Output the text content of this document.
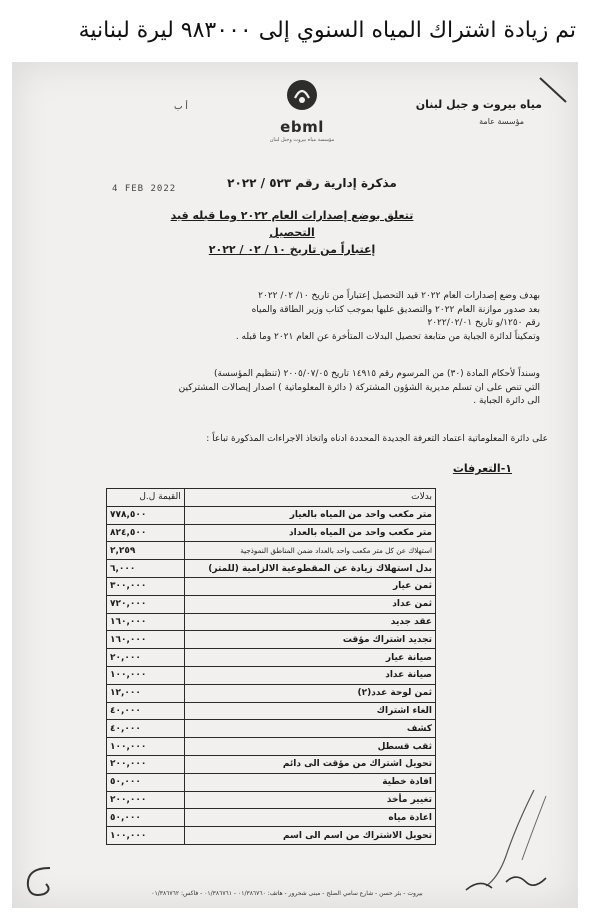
تم زيادة اشتراك المياه السنوي إلى ٩٨٣٠٠٠ ليرة لبنانية
مياه بيروت و جبل لبنان
مؤسسة عامة
ebml
مؤسسة مياه بيروت وجبل لبنان
أ ب
4 FEB 2022	مذكرة إدارية رقم ٥٢٣ / ٢٠٢٢
تتعلق بوضع إصدارات العام ٢٠٢٢ وما قبله قيد التحصيل
إعتباراً من تاريخ ١٠ / ٠٢ / ٢٠٢٢
بهدف وضع إصدارات العام ٢٠٢٢ قيد التحصيل إعتباراً من تاريخ ١٠/ ٠٢/ ٢٠٢٢
بعد صدور موازنة العام ٢٠٢٢ والتصديق عليها بموجب كتاب وزير الطاقة والمياه
رقم ١٢٥٠/و تاريخ ٢٠٢٢/٠٢/٠١
وتمكيناً لدائرة الجباية من متابعة تحصيل البدلات المتأخرة عن العام ٢٠٢١ وما قبله .
وسنداً لأحكام المادة (٣٠) من المرسوم رقم ١٤٩١٥ تاريخ ٢٠٠٥/٠٧/٠٥ (تنظيم المؤسسة)
التي تنص على ان تسلم مديرية الشؤون المشتركة ( دائرة المعلوماتية ) اصدار إيصالات المشتركين
الى دائرة الجباية .
على دائرة المعلوماتية اعتماد التعرفة الجديدة المحددة ادناه واتخاذ الاجراءات المذكورة تباعاً :
١-التعرفات
بدلات	القيمة ل.ل
متر مكعب واحد من المياه بالعيار	٧٧٨,٥٠٠
متر مكعب واحد من المياه بالعداد	٨٢٤,٥٠٠
استهلاك عن كل متر مكعب واحد بالعداد ضمن المناطق النموذجية	٢,٢٥٩
بدل استهلاك زيادة عن المقطوعية الالزامية (للمتر)	٦,٠٠٠
ثمن عيار	٣٠٠,٠٠٠
ثمن عداد	٧٢٠,٠٠٠
عقد جديد	١٦٠,٠٠٠
تجديد اشتراك مؤقت	١٦٠,٠٠٠
صيانة عيار	٢٠,٠٠٠
صيانة عداد	١٠٠,٠٠٠
ثمن لوحة عدد(٢)	١٢,٠٠٠
الغاء اشتراك	٤٠,٠٠٠
كشف	٤٠,٠٠٠
ثقب قسطل	١٠٠,٠٠٠
تحويل اشتراك من مؤقت الى دائم	٢٠٠,٠٠٠
افادة خطية	٥٠,٠٠٠
تغيير مأخذ	٢٠٠,٠٠٠
اعادة مياه	٥٠,٠٠٠
تحويل الاشتراك من اسم الى اسم	١٠٠,٠٠٠
بيروت - بئر حسن - شارع سامي الصلح - مبنى شحرور - هاتف: ٠١/٣٨٦٧٦٠ - ٠١/٣٨٦٧٦١ - فاكس: ٠١/٣٨٦٧٦٢
